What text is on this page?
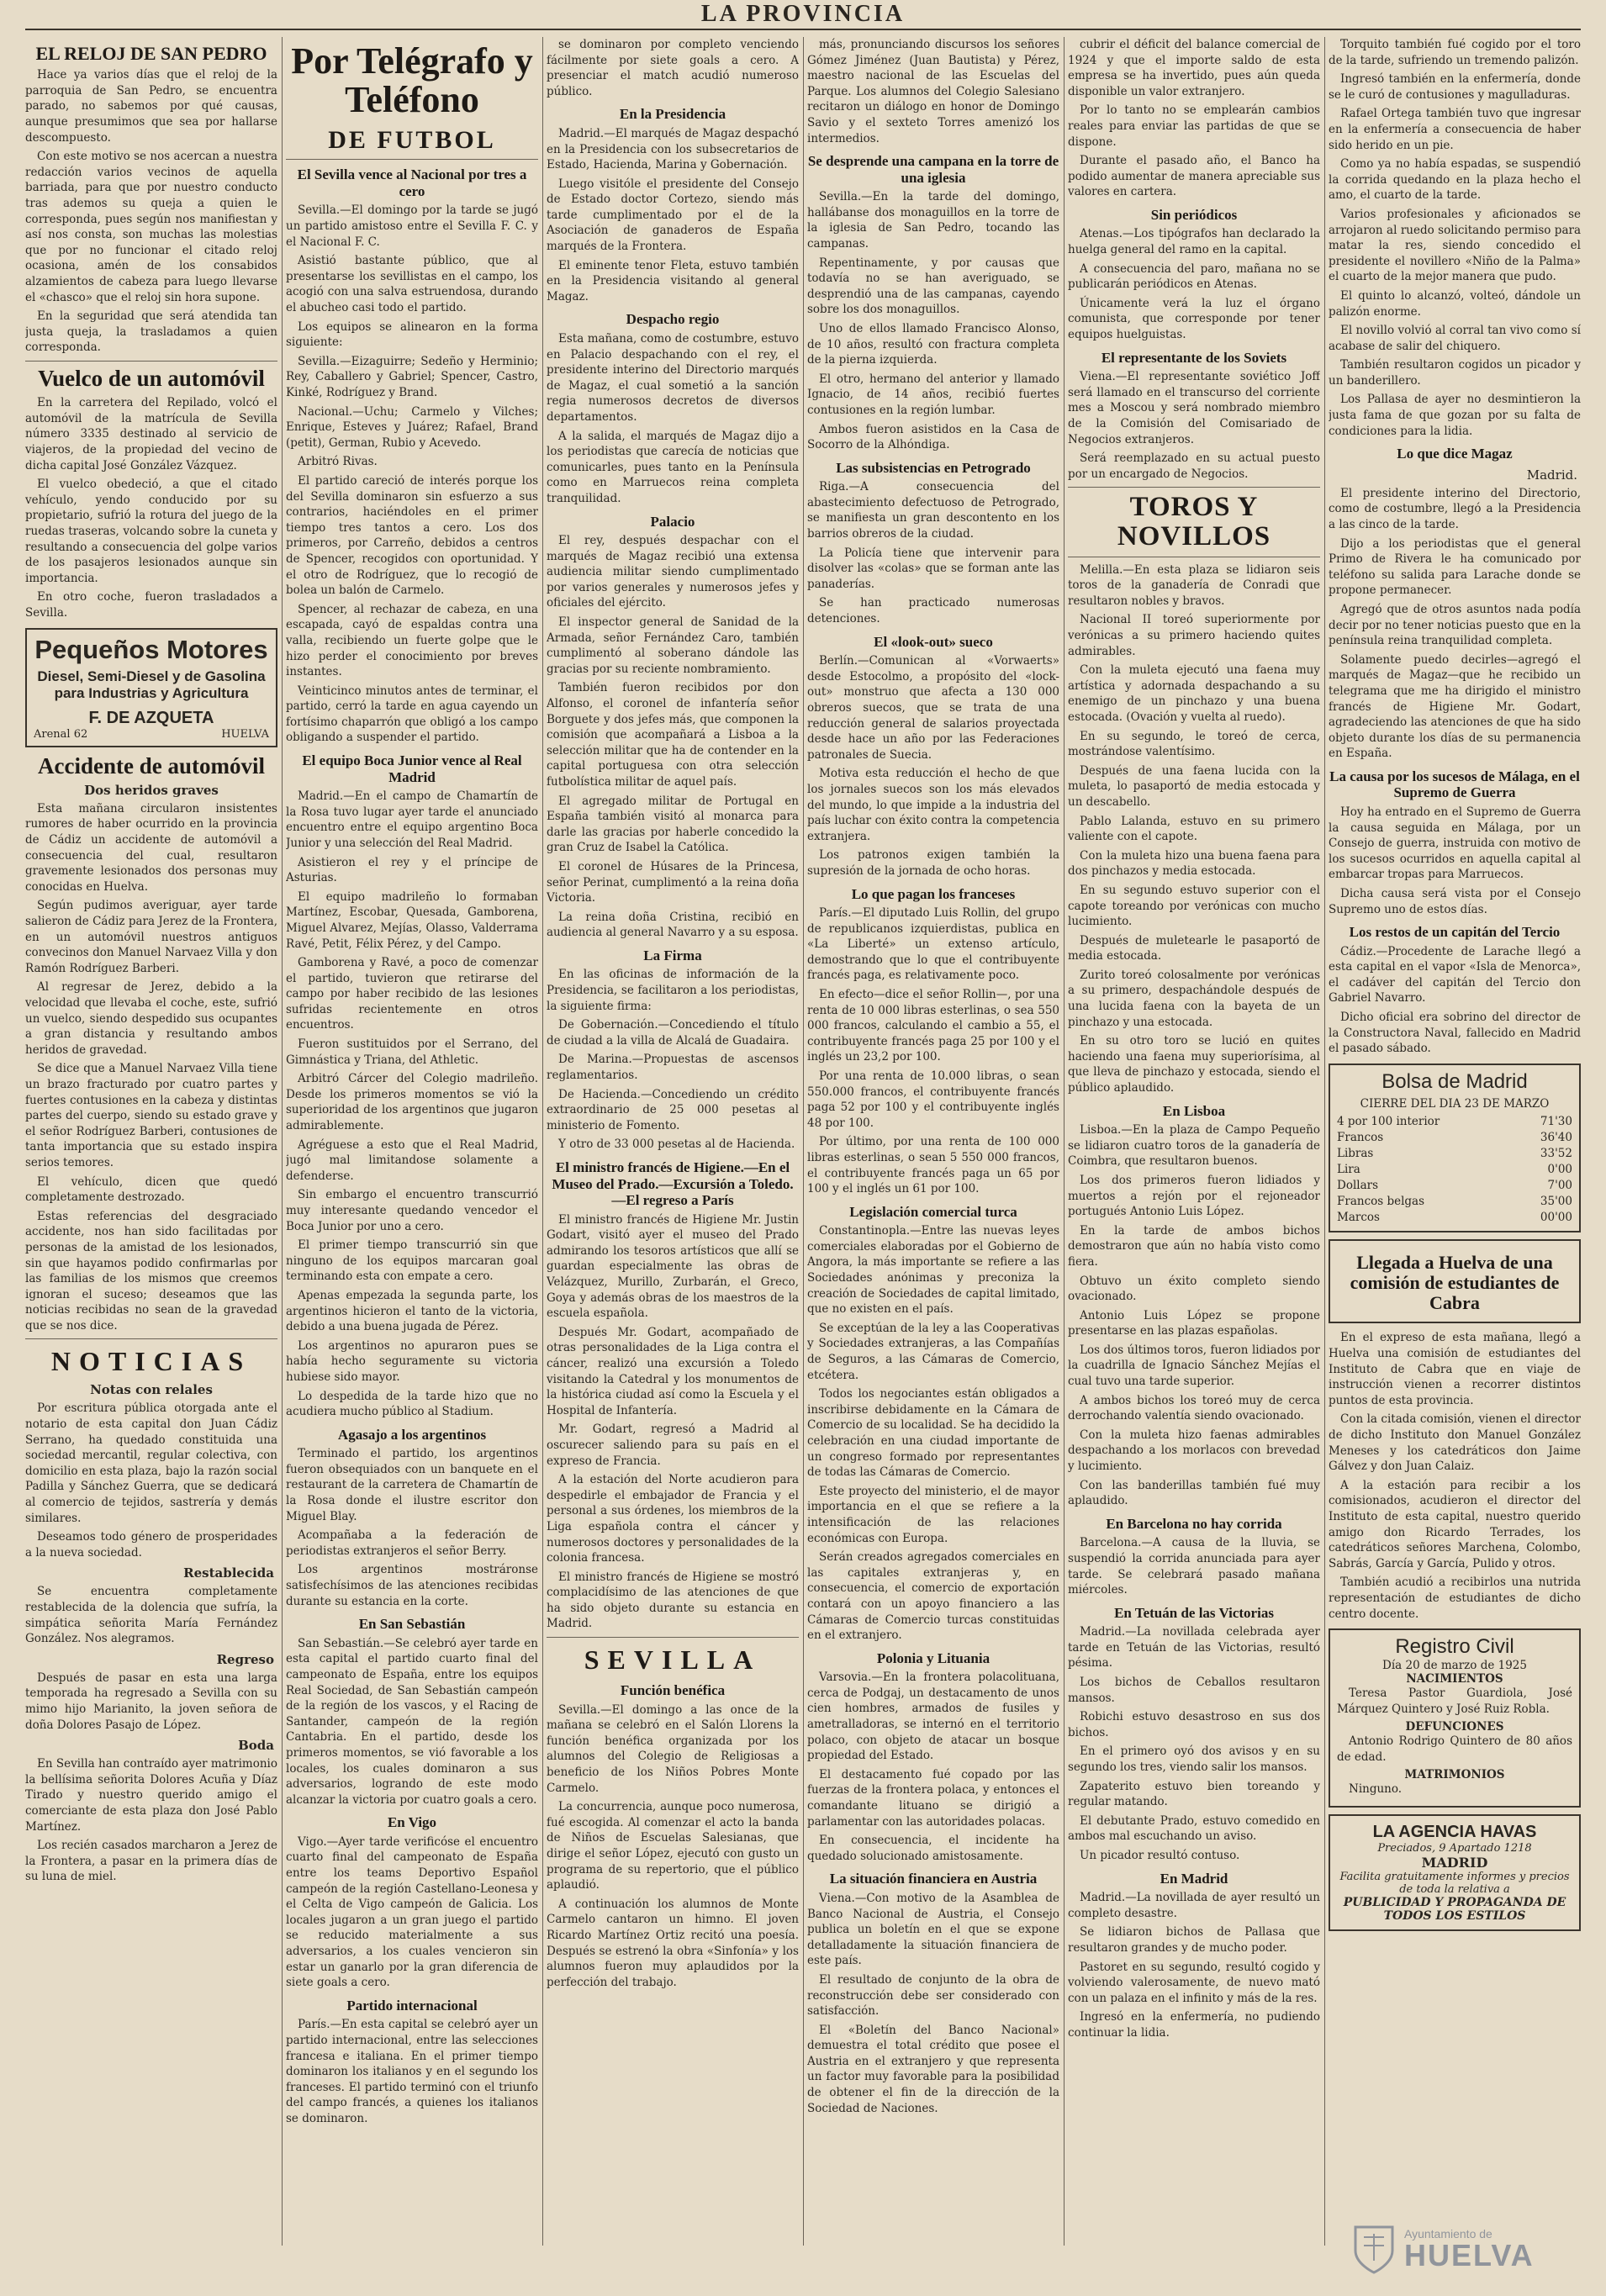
LA PROVINCIA
EL RELOJ DE SAN PEDRO

Hace ya varios días que el reloj de la parroquia de San Pedro, se encuentra parado, no sabemos por qué causas, aunque presumimos que sea por hallarse descompuesto.

Con este motivo se nos acercan a nuestra redacción varios vecinos de aquella barriada, para que por nuestro conducto tras ademos su queja a quien le corresponda, pues según nos manifiestan y así nos consta, son muchas las molestias que por no funcionar el citado reloj ocasiona, amén de los consabidos alzamientos de cabeza para luego llevarse el «chasco» que el reloj sin hora supone.

En la seguridad que será atendida tan justa queja, la trasladamos a quien corresponda.

Vuelco de un automóvil

En la carretera del Repilado, volcó el automóvil de la matrícula de Sevilla número 3335 destinado al servicio de viajeros, de la propiedad del vecino de dicha capital José González Vázquez.

El vuelco obedeció, a que el citado vehículo, yendo conducido por su propietario, sufrió la rotura del juego de la ruedas traseras, volcando sobre la cuneta y resultando a consecuencia del golpe varios de los pasajeros lesionados aunque sin importancia.

En otro coche, fueron trasladados a Sevilla.

Pequeños Motores
Diesel, Semi-Diesel y de Gasolina
para Industrias y Agricultura
F. DE AZQUETA
Arenal 62	HUELVA
Accidente de automóvil
Dos heridos graves

Esta mañana circularon insistentes rumores de haber ocurrido en la provincia de Cádiz un accidente de automóvil a consecuencia del cual, resultaron gravemente lesionados dos personas muy conocidas en Huelva.

Según pudimos averiguar, ayer tarde salieron de Cádiz para Jerez de la Frontera, en un automóvil nuestros antiguos convecinos don Manuel Narvaez Villa y don Ramón Rodríguez Barberi.

Al regresar de Jerez, debido a la velocidad que llevaba el coche, este, sufrió un vuelco, siendo despedido sus ocupantes a gran distancia y resultando ambos heridos de gravedad.

Se dice que a Manuel Narvaez Villa tiene un brazo fracturado por cuatro partes y fuertes contusiones en la cabeza y distintas partes del cuerpo, siendo su estado grave y el señor Rodríguez Barberi, contusiones de tanta importancia que su estado inspira serios temores.

El vehículo, dicen que quedó completamente destrozado.

Estas referencias del desgraciado accidente, nos han sido facilitadas por personas de la amistad de los lesionados, sin que hayamos podido confirmarlas por las familias de los mismos que creemos ignoran el suceso; deseamos que las noticias recibidas no sean de la gravedad que se nos dice.

NOTICIAS
Notas con relales

Por escritura pública otorgada ante el notario de esta capital don Juan Cádiz Serrano, ha quedado constituida una sociedad mercantil, regular colectiva, con domicilio en esta plaza, bajo la razón social Padilla y Sánchez Guerra, que se dedicará al comercio de tejidos, sastrería y demás similares.

Deseamos todo género de prosperidades a la nueva sociedad.

Restablecida

Se encuentra completamente restablecida de la dolencia que sufría, la simpática señorita María Fernández González. Nos alegramos.

Regreso

Después de pasar en esta una larga temporada ha regresado a Sevilla con su mimo hijo Marianito, la joven señora de doña Dolores Pasajo de López.

Boda

En Sevilla han contraído ayer matrimonio la bellísima señorita Dolores Acuña y Díaz Tirado y nuestro querido amigo el comerciante de esta plaza don José Pablo Martínez.

Los recién casados marcharon a Jerez de la Frontera, a pasar en la primera días de su luna de miel.

Por Telégrafo y Teléfono
DE FUTBOL
El Sevilla vence al Nacional por tres a cero

Sevilla.—El domingo por la tarde se jugó un partido amistoso entre el Sevilla F. C. y el Nacional F. C.

Asistió bastante público, que al presentarse los sevillistas en el campo, los acogió con una salva estruendosa, durando el abucheo casi todo el partido.

Los equipos se alinearon en la forma siguiente:

Sevilla.—Eizaguirre; Sedeño y Herminio; Rey, Caballero y Gabriel; Spencer, Castro, Kinké, Rodríguez y Brand.

Nacional.—Uchu; Carmelo y Vilches; Enrique, Esteves y Juárez; Rafael, Brand (petit), German, Rubio y Acevedo.

Arbitró Rivas.

El partido careció de interés porque los del Sevilla dominaron sin esfuerzo a sus contrarios, haciéndoles en el primer tiempo tres tantos a cero. Los dos primeros, por Carreño, debidos a centros de Spencer, recogidos con oportunidad. Y el otro de Rodríguez, que lo recogió de bolea un balón de Carmelo.

Spencer, al rechazar de cabeza, en una escapada, cayó de espaldas contra una valla, recibiendo un fuerte golpe que le hizo perder el conocimiento por breves instantes.

Veinticinco minutos antes de terminar, el partido, cerró la tarde en agua cayendo un fortísimo chaparrón que obligó a los campo obligando a suspender el partido.

El equipo Boca Junior vence al Real Madrid

Madrid.—En el campo de Chamartín de la Rosa tuvo lugar ayer tarde el anunciado encuentro entre el equipo argentino Boca Junior y una selección del Real Madrid.

Asistieron el rey y el príncipe de Asturias.

El equipo madrileño lo formaban Martínez, Escobar, Quesada, Gamborena, Miguel Alvarez, Mejías, Olasso, Valderrama Ravé, Petit, Félix Pérez, y del Campo.

Gamborena y Ravé, a poco de comenzar el partido, tuvieron que retirarse del campo por haber recibido de las lesiones sufridas recientemente en otros encuentros.

Fueron sustituidos por el Serrano, del Gimnástica y Triana, del Athletic.

Arbitró Cárcer del Colegio madrileño. Desde los primeros momentos se vió la superioridad de los argentinos que jugaron admirablemente.

Agréguese a esto que el Real Madrid, jugó mal limitandose solamente a defenderse.

Sin embargo el encuentro transcurrió muy interesante quedando vencedor el Boca Junior por uno a cero.

El primer tiempo transcurrió sin que ninguno de los equipos marcaran goal terminando esta con empate a cero.

Apenas empezada la segunda parte, los argentinos hicieron el tanto de la victoria, debido a una buena jugada de Pérez.

Los argentinos no apuraron pues se había hecho seguramente su victoria hubiese sido mayor.

Lo despedida de la tarde hizo que no acudiera mucho público al Stadium.

Agasajo a los argentinos

Terminado el partido, los argentinos fueron obsequiados con un banquete en el restaurant de la carretera de Chamartín de la Rosa donde el ilustre escritor don Miguel Blay.

Acompañaba a la federación de periodistas extranjeros el señor Berry.

Los argentinos mostráronse satisfechísimos de las atenciones recibidas durante su estancia en la corte.

En San Sebastián

San Sebastián.—Se celebró ayer tarde en esta capital el partido cuarto final del campeonato de España, entre los equipos Real Sociedad, de San Sebastián campeón de la región de los vascos, y el Racing de Santander, campeón de la región Cantabria. En el partido, desde los primeros momentos, se vió favorable a los locales, los cuales dominaron a sus adversarios, logrando de este modo alcanzar la victoria por cuatro goals a cero.

En Vigo

Vigo.—Ayer tarde verificóse el encuentro cuarto final del campeonato de España entre los teams Deportivo Español campeón de la región Castellano-Leonesa y el Celta de Vigo campeón de Galicia. Los locales jugaron a un gran juego el partido se reducido materialmente a sus adversarios, a los cuales vencieron sin estar un ganarlo por la gran diferencia de siete goals a cero.

Partido internacional

París.—En esta capital se celebró ayer un partido internacional, entre las selecciones francesa e italiana. En el primer tiempo dominaron los italianos y en el segundo los franceses. El partido terminó con el triunfo del campo francés, a quienes los italianos se dominaron.

se dominaron por completo venciendo fácilmente por siete goals a cero. A presenciar el match acudió numeroso público.

En la Presidencia

Madrid.—El marqués de Magaz despachó en la Presidencia con los subsecretarios de Estado, Hacienda, Marina y Gobernación.

Luego visitóle el presidente del Consejo de Estado doctor Cortezo, siendo más tarde cumplimentado por el de la Asociación de ganaderos de España marqués de la Frontera.

El eminente tenor Fleta, estuvo también en la Presidencia visitando al general Magaz.

Despacho regio

Esta mañana, como de costumbre, estuvo en Palacio despachando con el rey, el presidente interino del Directorio marqués de Magaz, el cual sometió a la sanción regia numerosos decretos de diversos departamentos.

A la salida, el marqués de Magaz dijo a los periodistas que carecía de noticias que comunicarles, pues tanto en la Península como en Marruecos reina completa tranquilidad.

Palacio

El rey, después despachar con el marqués de Magaz recibió una extensa audiencia militar siendo cumplimentado por varios generales y numerosos jefes y oficiales del ejército.

El inspector general de Sanidad de la Armada, señor Fernández Caro, también cumplimentó al soberano dándole las gracias por su reciente nombramiento.

También fueron recibidos por don Alfonso, el coronel de infantería señor Borguete y dos jefes más, que componen la comisión que acompañará a Lisboa a la selección militar que ha de contender en la capital portuguesa con otra selección futbolística militar de aquel país.

El agregado militar de Portugal en España también visitó al monarca para darle las gracias por haberle concedido la gran Cruz de Isabel la Católica.

El coronel de Húsares de la Princesa, señor Perinat, cumplimentó a la reina doña Victoria.

La reina doña Cristina, recibió en audiencia al general Navarro y a su esposa.

La Firma

En las oficinas de información de la Presidencia, se facilitaron a los periodistas, la siguiente firma:

De Gobernación.—Concediendo el título de ciudad a la villa de Alcalá de Guadaira.

De Marina.—Propuestas de ascensos reglamentarios.

De Hacienda.—Concediendo un crédito extraordinario de 25 000 pesetas al ministerio de Fomento.

Y otro de 33 000 pesetas al de Hacienda.

El ministro francés de Higiene.—En el Museo del Prado.—Excursión a Toledo.—El regreso a París

El ministro francés de Higiene Mr. Justin Godart, visitó ayer el museo del Prado admirando los tesoros artísticos que allí se guardan especialmente las obras de Velázquez, Murillo, Zurbarán, el Greco, Goya y además obras de los maestros de la escuela española.

Después Mr. Godart, acompañado de otras personalidades de la Liga contra el cáncer, realizó una excursión a Toledo visitando la Catedral y los monumentos de la histórica ciudad así como la Escuela y el Hospital de Infantería.

Mr. Godart, regresó a Madrid al oscurecer saliendo para su país en el expreso de Francia.

A la estación del Norte acudieron para despedirle el embajador de Francia y el personal a sus órdenes, los miembros de la Liga española contra el cáncer y numerosos doctores y personalidades de la colonia francesa.

El ministro francés de Higiene se mostró complacidísimo de las atenciones de que ha sido objeto durante su estancia en Madrid.

SEVILLA
Función benéfica

Sevilla.—El domingo a las once de la mañana se celebró en el Salón Llorens la función benéfica organizada por los alumnos del Colegio de Religiosas a beneficio de los Niños Pobres Monte Carmelo.

La concurrencia, aunque poco numerosa, fué escogida. Al comenzar el acto la banda de Niños de Escuelas Salesianas, que dirige el señor López, ejecutó con gusto un programa de su repertorio, que el público aplaudió.

A continuación los alumnos de Monte Carmelo cantaron un himno. El joven Ricardo Martínez Ortiz recitó una poesía. Después se estrenó la obra «Sinfonía» y los alumnos fueron muy aplaudidos por la perfección del trabajo.

más, pronunciando discursos los señores Gómez Jiménez (Juan Bautista) y Pérez, maestro nacional de las Escuelas del Parque. Los alumnos del Colegio Salesiano recitaron un diálogo en honor de Domingo Savio y el sexteto Torres amenizó los intermedios.

Se desprende una campana en la torre de una iglesia

Sevilla.—En la tarde del domingo, hallábanse dos monaguillos en la torre de la iglesia de San Pedro, tocando las campanas.

Repentinamente, y por causas que todavía no se han averiguado, se desprendió una de las campanas, cayendo sobre los dos monaguillos.

Uno de ellos llamado Francisco Alonso, de 10 años, resultó con fractura completa de la pierna izquierda.

El otro, hermano del anterior y llamado Ignacio, de 14 años, recibió fuertes contusiones en la región lumbar.

Ambos fueron asistidos en la Casa de Socorro de la Alhóndiga.

Las subsistencias en Petrogrado

Riga.—A consecuencia del abastecimiento defectuoso de Petrogrado, se manifiesta un gran descontento en los barrios obreros de la ciudad.

La Policía tiene que intervenir para disolver las «colas» que se forman ante las panaderías.

Se han practicado numerosas detenciones.

El «look-out» sueco

Berlín.—Comunican al «Vorwaerts» desde Estocolmo, a propósito del «lock-out» monstruo que afecta a 130 000 obreros suecos, que se trata de una reducción general de salarios proyectada desde hace un año por las Federaciones patronales de Suecia.

Motiva esta reducción el hecho de que los jornales suecos son los más elevados del mundo, lo que impide a la industria del país luchar con éxito contra la competencia extranjera.

Los patronos exigen también la supresión de la jornada de ocho horas.

Lo que pagan los franceses

París.—El diputado Luis Rollin, del grupo de republicanos izquierdistas, publica en «La Liberté» un extenso artículo, demostrando que lo que el contribuyente francés paga, es relativamente poco.

En efecto—dice el señor Rollin—, por una renta de 10 000 libras esterlinas, o sea 550 000 francos, calculando el cambio a 55, el contribuyente francés paga 25 por 100 y el inglés un 23,2 por 100.

Por una renta de 10.000 libras, o sean 550.000 francos, el contribuyente francés paga 52 por 100 y el contribuyente inglés 48 por 100.

Por último, por una renta de 100 000 libras esterlinas, o sean 5 550 000 francos, el contribuyente francés paga un 65 por 100 y el inglés un 61 por 100.

Legislación comercial turca

Constantinopla.—Entre las nuevas leyes comerciales elaboradas por el Gobierno de Angora, la más importante se refiere a las Sociedades anónimas y preconiza la creación de Sociedades de capital limitado, que no existen en el país.

Se exceptúan de la ley a las Cooperativas y Sociedades extranjeras, a las Compañías de Seguros, a las Cámaras de Comercio, etcétera.

Todos los negociantes están obligados a inscribirse debidamente en la Cámara de Comercio de su localidad. Se ha decidido la celebración en una ciudad importante de un congreso formado por representantes de todas las Cámaras de Comercio.

Este proyecto del ministerio, el de mayor importancia en el que se refiere a la intensificación de las relaciones económicas con Europa.

Serán creados agregados comerciales en las capitales extranjeras y, en consecuencia, el comercio de exportación contará con un apoyo financiero a las Cámaras de Comercio turcas constituidas en el extranjero.

Polonia y Lituania

Varsovia.—En la frontera polacolituana, cerca de Podgaj, un destacamento de unos cien hombres, armados de fusiles y ametralladoras, se internó en el territorio polaco, con objeto de atacar un bosque propiedad del Estado.

El destacamento fué copado por las fuerzas de la frontera polaca, y entonces el comandante lituano se dirigió a parlamentar con las autoridades polacas.

En consecuencia, el incidente ha quedado solucionado amistosamente.

La situación financiera en Austria

Viena.—Con motivo de la Asamblea de Banco Nacional de Austria, el Consejo publica un boletín en el que se expone detalladamente la situación financiera de este país.

El resultado de conjunto de la obra de reconstrucción debe ser considerado con satisfacción.

El «Boletín del Banco Nacional» demuestra el total crédito que posee el Austria en el extranjero y que representa un factor muy favorable para la posibilidad de obtener el fin de la dirección de la Sociedad de Naciones.

cubrir el déficit del balance comercial de 1924 y que el importe saldo de esta empresa se ha invertido, pues aún queda disponible un valor extranjero.

Por lo tanto no se emplearán cambios reales para enviar las partidas de que se dispone.

Durante el pasado año, el Banco ha podido aumentar de manera apreciable sus valores en cartera.

Sin periódicos

Atenas.—Los tipógrafos han declarado la huelga general del ramo en la capital.

A consecuencia del paro, mañana no se publicarán periódicos en Atenas.

Únicamente verá la luz el órgano comunista, que corresponde por tener equipos huelguistas.

El representante de los Soviets

Viena.—El representante soviético Joff será llamado en el transcurso del corriente mes a Moscou y será nombrado miembro de la Comisión del Comisariado de Negocios extranjeros.

Será reemplazado en su actual puesto por un encargado de Negocios.

TOROS Y NOVILLOS

Melilla.—En esta plaza se lidiaron seis toros de la ganadería de Conradi que resultaron nobles y bravos.

Nacional II toreó superiormente por verónicas a su primero haciendo quites admirables.

Con la muleta ejecutó una faena muy artística y adornada despachando a su enemigo de un pinchazo y una buena estocada. (Ovación y vuelta al ruedo).

En su segundo, le toreó de cerca, mostrándose valentísimo.

Después de una faena lucida con la muleta, lo pasaportó de media estocada y un descabello.

Pablo Lalanda, estuvo en su primero valiente con el capote.

Con la muleta hizo una buena faena para dos pinchazos y media estocada.

En su segundo estuvo superior con el capote toreando por verónicas con mucho lucimiento.

Después de muletearle le pasaportó de media estocada.

Zurito toreó colosalmente por verónicas a su primero, despachándole después de una lucida faena con la bayeta de un pinchazo y una estocada.

En su otro toro se lució en quites haciendo una faena muy superiorísima, al que lleva de pinchazo y estocada, siendo el público aplaudido.

En Lisboa

Lisboa.—En la plaza de Campo Pequeño se lidiaron cuatro toros de la ganadería de Coimbra, que resultaron buenos.

Los dos primeros fueron lidiados y muertos a rejón por el rejoneador portugués Antonio Luis López.

En la tarde de ambos bichos demostraron que aún no había visto como fiera.

Obtuvo un éxito completo siendo ovacionado.

Antonio Luis López se propone presentarse en las plazas españolas.

Los dos últimos toros, fueron lidiados por la cuadrilla de Ignacio Sánchez Mejías el cual tuvo una tarde superior.

A ambos bichos los toreó muy de cerca derrochando valentía siendo ovacionado.

Con la muleta hizo faenas admirables despachando a los morlacos con brevedad y lucimiento.

Con las banderillas también fué muy aplaudido.

En Barcelona no hay corrida

Barcelona.—A causa de la lluvia, se suspendió la corrida anunciada para ayer tarde. Se celebrará pasado mañana miércoles.

En Tetuán de las Victorias

Madrid.—La novillada celebrada ayer tarde en Tetuán de las Victorias, resultó pésima.

Los bichos de Ceballos resultaron mansos.

Robichi estuvo desastroso en sus dos bichos.

En el primero oyó dos avisos y en su segundo los tres, viendo salir los mansos.

Zapaterito estuvo bien toreando y regular matando.

El debutante Prado, estuvo comedido en ambos mal escuchando un aviso.

Un picador resultó contuso.

En Madrid

Madrid.—La novillada de ayer resultó un completo desastre.

Se lidiaron bichos de Pallasa que resultaron grandes y de mucho poder.

Pastoret en su segundo, resultó cogido y volviendo valerosamente, de nuevo mató con un palaza en el infinito y más de la res.

Ingresó en la enfermería, no pudiendo continuar la lidia.

Torquito también fué cogido por el toro de la tarde, sufriendo un tremendo palizón.

Ingresó también en la enfermería, donde se le curó de contusiones y magulladuras.

Rafael Ortega también tuvo que ingresar en la enfermería a consecuencia de haber sido herido en un pie.

Como ya no había espadas, se suspendió la corrida quedando en la plaza hecho el amo, el cuarto de la tarde.

Varios profesionales y aficionados se arrojaron al ruedo solicitando permiso para matar la res, siendo concedido el presidente el novillero «Niño de la Palma» el cuarto de la mejor manera que pudo.

El quinto lo alcanzó, volteó, dándole un palizón enorme.

El novillo volvió al corral tan vivo como sí acabase de salir del chiquero.

También resultaron cogidos un picador y un banderillero.

Los Pallasa de ayer no desmintieron la justa fama de que gozan por su falta de condiciones para la lidia.

Lo que dice Magaz
Madrid.

El presidente interino del Directorio, como de costumbre, llegó a la Presidencia a las cinco de la tarde.

Dijo a los periodistas que el general Primo de Rivera le ha comunicado por teléfono su salida para Larache donde se propone permanecer.

Agregó que de otros asuntos nada podía decir por no tener noticias puesto que en la península reina tranquilidad completa.

Solamente puedo decirles—agregó el marqués de Magaz—que he recibido un telegrama que me ha dirigido el ministro francés de Higiene Mr. Godart, agradeciendo las atenciones de que ha sido objeto durante los días de su permanencia en España.

La causa por los sucesos de Málaga, en el Supremo de Guerra

Hoy ha entrado en el Supremo de Guerra la causa seguida en Málaga, por un Consejo de guerra, instruida con motivo de los sucesos ocurridos en aquella capital al embarcar tropas para Marruecos.

Dicha causa será vista por el Consejo Supremo uno de estos días.

Los restos de un capitán del Tercio

Cádiz.—Procedente de Larache llegó a esta capital en el vapor «Isla de Menorca», el cadáver del capitán del Tercio don Gabriel Navarro.

Dicho oficial era sobrino del director de la Constructora Naval, fallecido en Madrid el pasado sábado.

Bolsa de Madrid
CIERRE DEL DIA 23 DE MARZO
4 por 100 interior	71'30
Francos	36'40
Libras	33'52
Lira	0'00
Dollars	7'00
Francos belgas	35'00
Marcos	00'00
Llegada a Huelva de una comisión de estudiantes de Cabra

En el expreso de esta mañana, llegó a Huelva una comisión de estudiantes del Instituto de Cabra que en viaje de instrucción vienen a recorrer distintos puntos de esta provincia.

Con la citada comisión, vienen el director de dicho Instituto don Manuel González Meneses y los catedráticos don Jaime Gálvez y don Juan Calaiz.

A la estación para recibir a los comisionados, acudieron el director del Instituto de esta capital, nuestro querido amigo don Ricardo Terrades, los catedráticos señores Marchena, Colombo, Sabrás, García y García, Pulido y otros.

También acudió a recibirlos una nutrida representación de estudiantes de dicho centro docente.

Registro Civil
Día 20 de marzo de 1925
NACIMIENTOS

Teresa Pastor Guardiola, José Márquez Quintero y José Ruiz Robla.

DEFUNCIONES

Antonio Rodrigo Quintero de 80 años de edad.

MATRIMONIOS

Ninguno.

LA AGENCIA HAVAS
Preciados, 9 Apartado 1218
MADRID
Facilita gratuitamente informes y precios de toda la relativa a
PUBLICIDAD Y PROPAGANDA DE TODOS LOS ESTILOS
Ayuntamiento de
HUELVA
